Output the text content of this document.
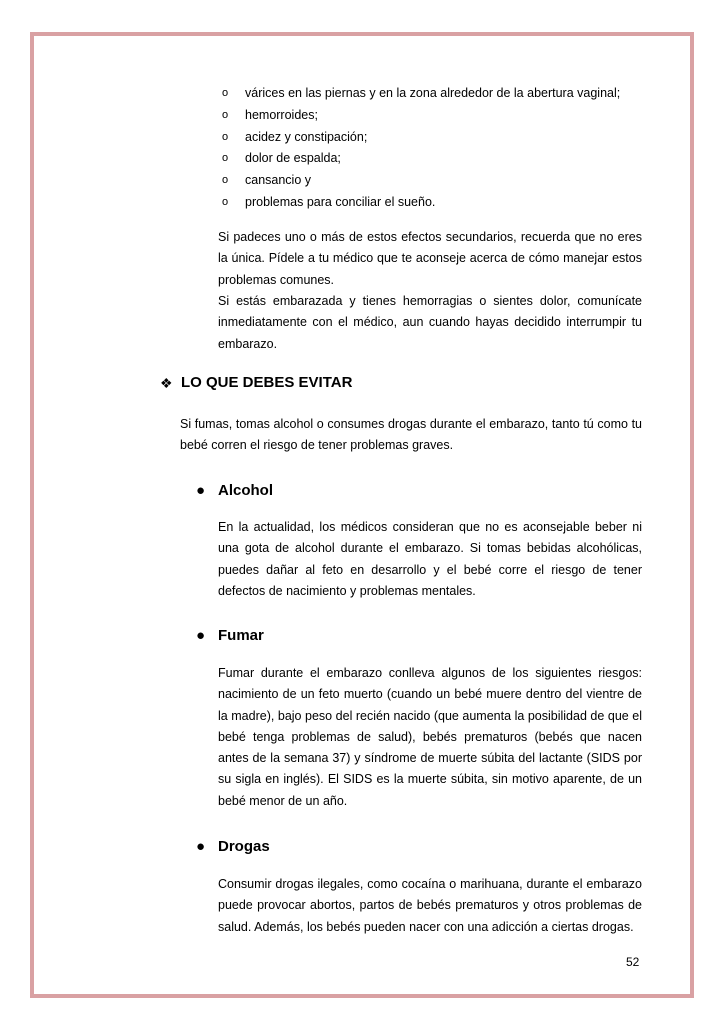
o várices en las piernas y en la zona alrededor de la abertura vaginal;
o hemorroides;
o acidez y constipación;
o dolor de espalda;
o cansancio y
o problemas para conciliar el sueño.

Si padeces uno o más de estos efectos secundarios, recuerda que no eres la única. Pídele a tu médico que te aconseje acerca de cómo manejar estos problemas comunes.

Si estás embarazada y tienes hemorragias o sientes dolor, comunícate inmediatamente con el médico, aun cuando hayas decidido interrumpir tu embarazo.

❖ LO QUE DEBES EVITAR

Si fumas, tomas alcohol o consumes drogas durante el embarazo, tanto tú como tu bebé corren el riesgo de tener problemas graves.

● Alcohol

En la actualidad, los médicos consideran que no es aconsejable beber ni una gota de alcohol durante el embarazo. Si tomas bebidas alcohólicas, puedes dañar al feto en desarrollo y el bebé corre el riesgo de tener defectos de nacimiento y problemas mentales.

● Fumar

Fumar durante el embarazo conlleva algunos de los siguientes riesgos: nacimiento de un feto muerto (cuando un bebé muere dentro del vientre de la madre), bajo peso del recién nacido (que aumenta la posibilidad de que el bebé tenga problemas de salud), bebés prematuros (bebés que nacen antes de la semana 37) y síndrome de muerte súbita del lactante (SIDS por su sigla en inglés). El SIDS es la muerte súbita, sin motivo aparente, de un bebé menor de un año.

● Drogas

Consumir drogas ilegales, como cocaína o marihuana, durante el embarazo puede provocar abortos, partos de bebés prematuros y otros problemas de salud. Además, los bebés pueden nacer con una adicción a ciertas drogas.

52
